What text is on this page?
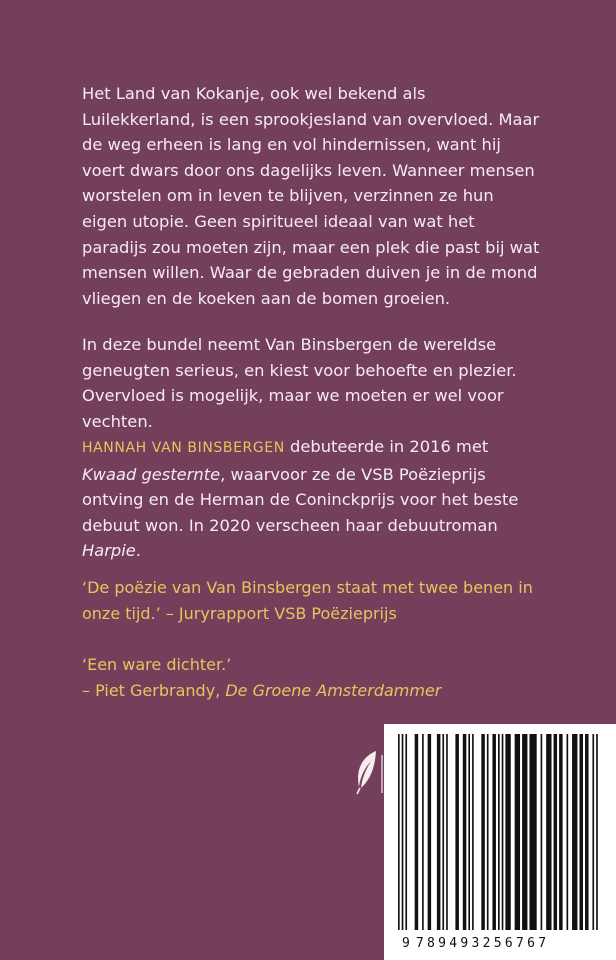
Het Land van Kokanje, ook wel bekend als Luilekkerland, is een sprookjesland van overvloed. Maar de weg erheen is lang en vol hindernissen, want hij voert dwars door ons dagelijks leven. Wanneer mensen worstelen om in leven te blijven, verzinnen ze hun eigen utopie. Geen spiritueel ideaal van wat het paradijs zou moeten zijn, maar een plek die past bij wat mensen willen. Waar de gebraden duiven je in de mond vliegen en de koeken aan de bomen groeien.

In deze bundel neemt Van Binsbergen de wereldse geneugten serieus, en kiest voor behoefte en plezier. Overvloed is mogelijk, maar we moeten er wel voor vechten.

HANNAH VAN BINSBERGEN debuteerde in 2016 met Kwaad gesternte, waarvoor ze de VSB Poëzieprijs ontving en de Herman de Coninckprijs voor het beste debuut won. In 2020 verscheen haar debuutroman Harpie.

‘De poëzie van Van Binsbergen staat met twee benen in onze tijd.’ – Juryrapport VSB Poëzieprijs

‘Een ware dichter.’
– Piet Gerbrandy, De Groene Amsterdammer

9 789493256767
